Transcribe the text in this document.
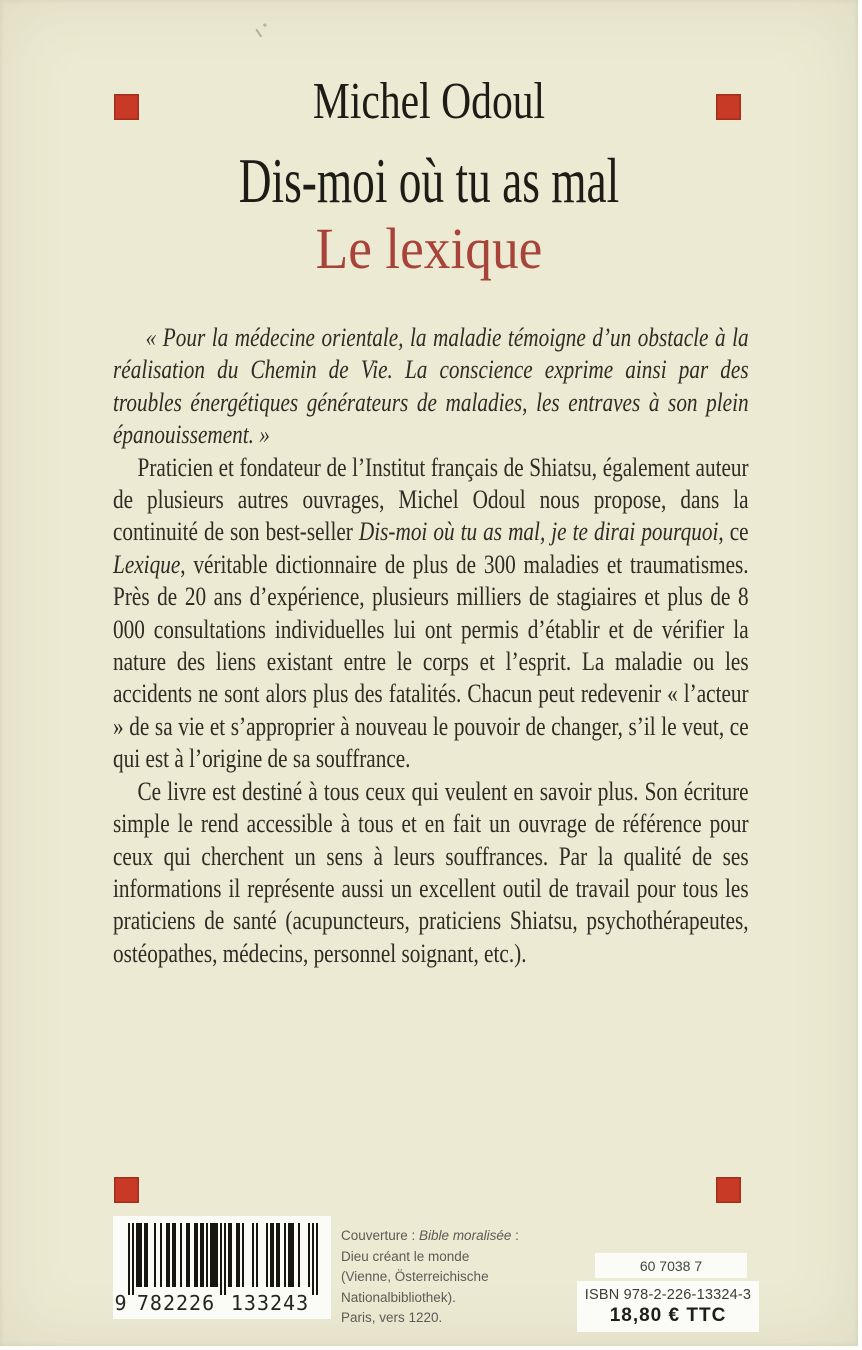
Michel Odoul
Dis-moi où tu as mal
Le lexique

« Pour la médecine orientale, la maladie témoigne d’un obstacle à la réalisation du Chemin de Vie. La conscience exprime ainsi par des troubles énergétiques générateurs de maladies, les entraves à son plein épanouissement. »

Praticien et fondateur de l’Institut français de Shiatsu, également auteur de plusieurs autres ouvrages, Michel Odoul nous propose, dans la continuité de son best-seller Dis-moi où tu as mal, je te dirai pourquoi, ce Lexique, véritable dictionnaire de plus de 300 maladies et traumatismes. Près de 20 ans d’expérience, plusieurs milliers de stagiaires et plus de 8 000 consultations individuelles lui ont permis d’établir et de vérifier la nature des liens existant entre le corps et l’esprit. La maladie ou les accidents ne sont alors plus des fatalités. Chacun peut redevenir « l’acteur » de sa vie et s’approprier à nouveau le pouvoir de changer, s’il le veut, ce qui est à l’origine de sa souffrance.

Ce livre est destiné à tous ceux qui veulent en savoir plus. Son écriture simple le rend accessible à tous et en fait un ouvrage de référence pour ceux qui cherchent un sens à leurs souffrances. Par la qualité de ses informations il représente aussi un excellent outil de travail pour tous les praticiens de santé (acupuncteurs, praticiens Shiatsu, psychothérapeutes, ostéopathes, médecins, personnel soignant, etc.).

9 782226 133243
Couverture : Bible moralisée :
Dieu créant le monde
(Vienne, Österreichische Nationalbibliothek).
Paris, vers 1220.
60 7038 7
ISBN 978-2-226-13324-3
18,80 € TTC
